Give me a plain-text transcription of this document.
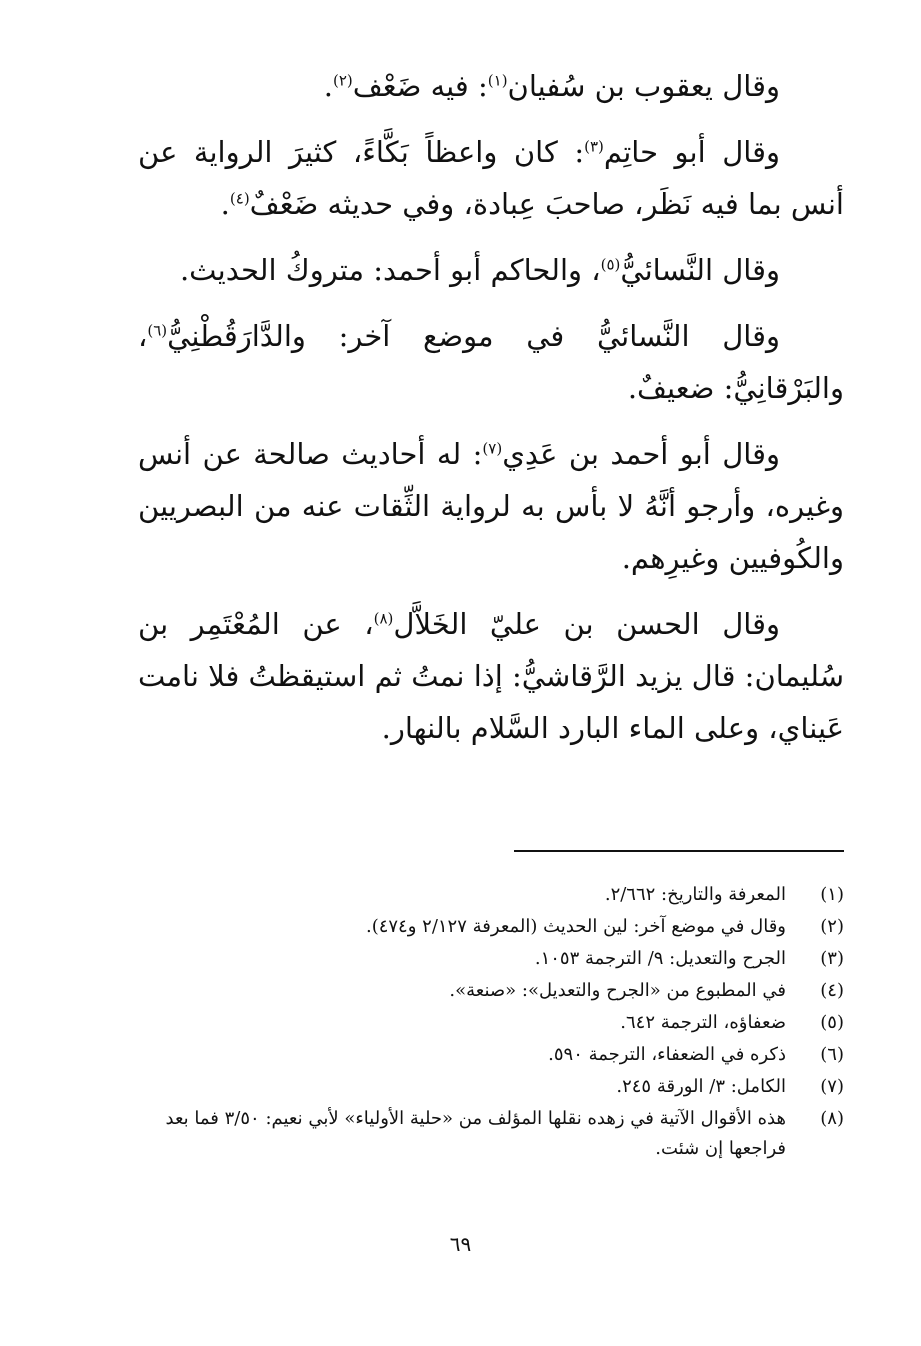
وقال يعقوب بن سُفيان$^{(١)}$: فيه ضَعْف$^{(٢)}$.

وقال أبو حاتِم$^{(٣)}$: كان واعظاً بَكَّاءً، كثيرَ الرواية عن أنس بما فيه نَظَر، صاحبَ عِبادة، وفي حديثه ضَعْفٌ$^{(٤)}$.

وقال النَّسائيُّ$^{(٥)}$، والحاكم أبو أحمد: متروكُ الحديث.

وقال النَّسائيُّ في موضع آخر: والدَّارَقُطْنِيُّ$^{(٦)}$، والبَرْقانِيُّ: ضعيفٌ.

وقال أبو أحمد بن عَدِي$^{(٧)}$: له أحاديث صالحة عن أنس وغيره، وأرجو أنَّهُ لا بأس به لرواية الثِّقات عنه من البصريين والكُوفيين وغيرِهم.

وقال الحسن بن عليّ الخَلاَّل$^{(٨)}$، عن المُعْتَمِر بن سُليمان: قال يزيد الرَّقاشيُّ: إذا نمتُ ثم استيقظتُ فلا نامت عَيناي، وعلى الماء البارد السَّلام بالنهار.

(١)
المعرفة والتاريخ: ٢/٦٦٢.
(٢)
وقال في موضع آخر: لين الحديث (المعرفة ٢/١٢٧ و٤٧٤).
(٣)
الجرح والتعديل: ٩/ الترجمة ١٠٥٣.
(٤)
في المطبوع من «الجرح والتعديل»: «صنعة».
(٥)
ضعفاؤه، الترجمة ٦٤٢.
(٦)
ذكره في الضعفاء، الترجمة ٥٩٠.
(٧)
الكامل: ٣/ الورقة ٢٤٥.
(٨)
هذه الأقوال الآتية في زهده نقلها المؤلف من «حلية الأولياء» لأبي نعيم: ٣/٥٠ فما بعد فراجعها إن شئت.
٦٩
